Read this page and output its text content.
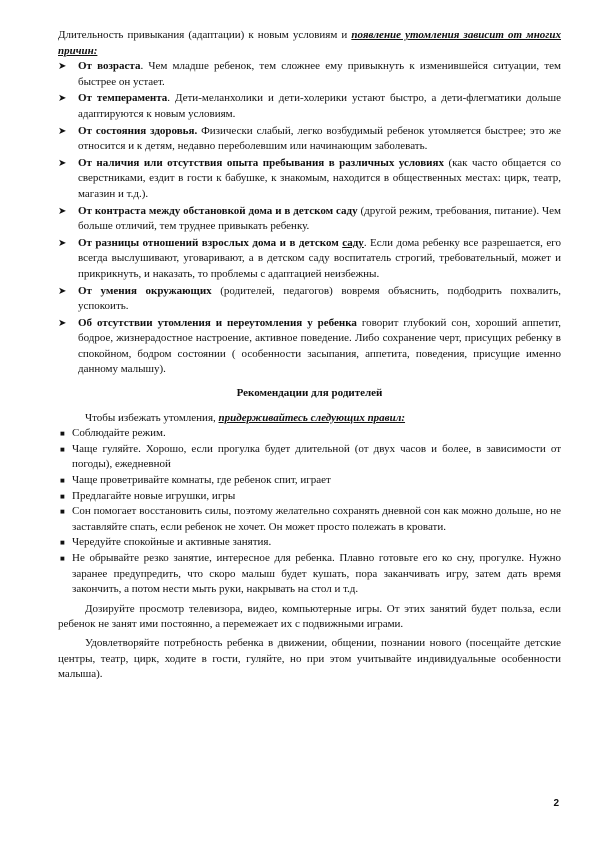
Длительность привыкания (адаптации) к новым условиям и появление утомления зависит от многих причин:

➤ От возраста. Чем младше ребенок, тем сложнее ему привыкнуть к изменившейся ситуации, тем быстрее он устает.
➤ От темперамента. Дети-меланхолики и дети-холерики устают быстро, а дети-флегматики дольше адаптируются к новым условиям.
➤ От состояния здоровья. Физически слабый, легко возбудимый ребенок утомляется быстрее; это же относится и к детям, недавно переболевшим или начинающим заболевать.
➤ От наличия или отсутствия опыта пребывания в различных условиях (как часто общается со сверстниками, ездит в гости к бабушке, к знакомым, находится в общественных местах: цирк, театр, магазин и т.д.).
➤ От контраста между обстановкой дома и в детском саду (другой режим, требования, питание). Чем больше отличий, тем труднее привыкать ребенку.
➤ От разницы отношений взрослых дома и в детском саду. Если дома ребенку все разрешается, его всегда выслушивают, уговаривают, а в детском саду воспитатель строгий, требовательный, может и прикрикнуть, и наказать, то проблемы с адаптацией неизбежны.
➤ От умения окружающих (родителей, педагогов) вовремя объяснить, подбодрить похвалить, успокоить.
➤ Об отсутствии утомления и переутомления у ребенка говорит глубокий сон, хороший аппетит, бодрое, жизнерадостное настроение, активное поведение. Либо сохранение черт, присущих ребенку в спокойном, бодром состоянии ( особенности засыпания, аппетита, поведения, присущие именно данному малышу).
Рекомендации для родителей

Чтобы избежать утомления, придерживайтесь следующих правил:

■ Соблюдайте режим.
■ Чаще гуляйте. Хорошо, если прогулка будет длительной (от двух часов и более, в зависимости от погоды), ежедневной
■ Чаще проветривайте комнаты, где ребенок спит, играет
■ Предлагайте новые игрушки, игры
■ Сон помогает восстановить силы, поэтому желательно сохранять дневной сон как можно дольше, но не заставляйте спать, если ребенок не хочет. Он может просто полежать в кровати.
■ Чередуйте спокойные и активные занятия.
■ Не обрывайте резко занятие, интересное для ребенка. Плавно готовьте его ко сну, прогулке. Нужно заранее предупредить, что скоро малыш будет кушать, пора заканчивать игру, затем дать время закончить, а потом нести мыть руки, накрывать на стол и т.д.

Дозируйте просмотр телевизора, видео, компьютерные игры. От этих занятий будет польза, если ребенок не занят ими постоянно, а перемежает их с подвижными играми.

Удовлетворяйте потребность ребенка в движении, общении, познании нового (посещайте детские центры, театр, цирк, ходите в гости, гуляйте, но при этом учитывайте индивидуальные особенности малыша).

2
